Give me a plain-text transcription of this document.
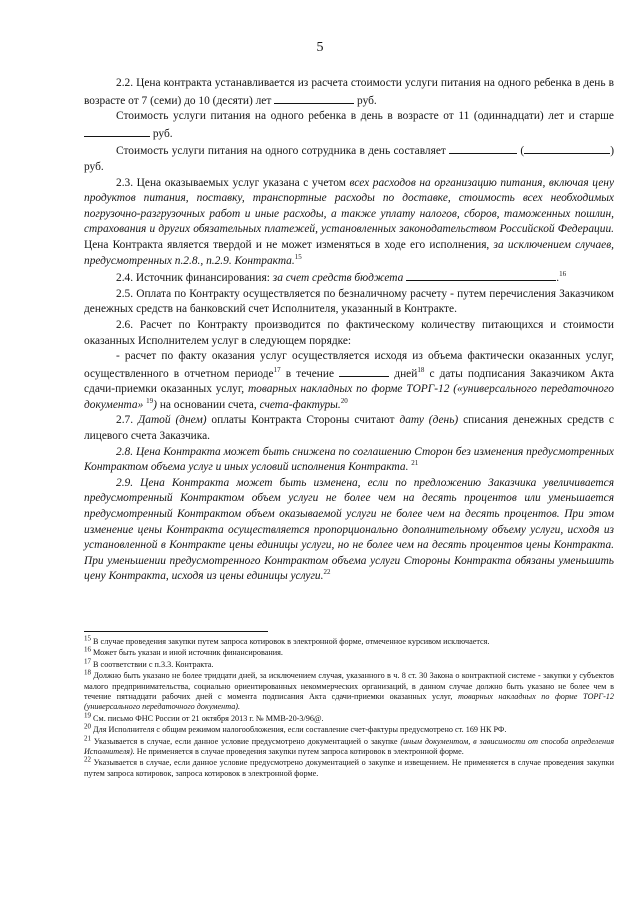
5

2.2. Цена контракта устанавливается из расчета стоимости услуги питания на одного ребенка в день в возрасте от 7 (семи) до 10 (десяти) лет	руб.

Стоимость услуги питания на одного ребенка в день в возрасте от 11 (одиннадцати) лет и старше  руб.

Стоимость услуги питания на одного сотрудника в день составляет	(	) руб.

2.3. Цена оказываемых услуг указана с учетом всех расходов на организацию питания, включая цену продуктов питания, поставку, транспортные расходы по доставке, стоимость всех необходимых погрузочно-разгрузочных работ и иные расходы, а также уплату налогов, сборов, таможенных пошлин, страхования и других обязательных платежей, установленных законодательством Российской Федерации. Цена Контракта является твердой и не может изменяться в ходе его исполнения, за исключением случаев, предусмотренных п.2.8., п.2.9. Контракта.$^{15}$

2.4. Источник финансирования: за счет средств бюджета	.$^{16}$

2.5. Оплата по Контракту осуществляется по безналичному расчету - путем перечисления Заказчиком денежных средств на банковский счет Исполнителя, указанный в Контракте.

2.6. Расчет по Контракту производится по фактическому количеству питающихся и стоимости оказанных Исполнителем услуг в следующем порядке:

- расчет по факту оказания услуг осуществляется исходя из объема фактически оказанных услуг, осуществленного в отчетном периоде$^{17}$ в течение	дней$^{18}$ с даты подписания Заказчиком Акта сдачи-приемки оказанных услуг, товарных накладных по форме ТОРГ-12 («универсального передаточного документа» $^{19}$) на основании счета, счета-фактуры.$^{20}$

2.7. Датой (днем) оплаты Контракта Стороны считают дату (день) списания денежных средств с лицевого счета Заказчика.

2.8. Цена Контракта может быть снижена по соглашению Сторон без изменения предусмотренных Контрактом объема услуг и иных условий исполнения Контракта. $^{21}$

2.9. Цена Контракта может быть изменена, если по предложению Заказчика увеличивается предусмотренный Контрактом объем услуги не более чем на десять процентов или уменьшается предусмотренный Контрактом объем оказываемой услуги не более чем на десять процентов. При этом изменение цены Контракта осуществляется пропорционально дополнительному объему услуги, исходя из установленной в Контракте цены единицы услуги, но не более чем на десять процентов цены Контракта. При уменьшении предусмотренного Контрактом объема услуги Стороны Контракта обязаны уменьшить цену Контракта, исходя из цены единицы услуги.$^{22}$

$^{15}$ В случае проведения закупки путем запроса котировок в электронной форме, отмеченное курсивом исключается.

$^{16}$ Может быть указан и иной источник финансирования.

$^{17}$ В соответствии с п.3.3. Контракта.

$^{18}$ Должно быть указано не более тридцати дней, за исключением случая, указанного в ч. 8 ст. 30 Закона о контрактной системе - закупки у субъектов малого предпринимательства, социально ориентированных некоммерческих организаций, в данном случае должно быть указано не более чем в течение пятнадцати рабочих дней с момента подписания Акта сдачи-приемки оказанных услуг, товарных накладных по форме ТОРГ-12 (универсального передаточного документа).

$^{19}$ См. письмо ФНС России от 21 октября 2013 г. № ММВ-20-3/96@.

$^{20}$ Для Исполнителя с общим режимом налогообложения, если составление счет-фактуры предусмотрено ст. 169 НК РФ.

$^{21}$ Указывается в случае, если данное условие предусмотрено документацией о закупке (иным документом, в зависимости от способа определения Исполнителя). Не применяется в случае проведения закупки путем запроса котировок в электронной форме.

$^{22}$ Указывается в случае, если данное условие предусмотрено документацией о закупке и извещением. Не применяется в случае проведения закупки путем запроса котировок, запроса котировок в электронной форме.
